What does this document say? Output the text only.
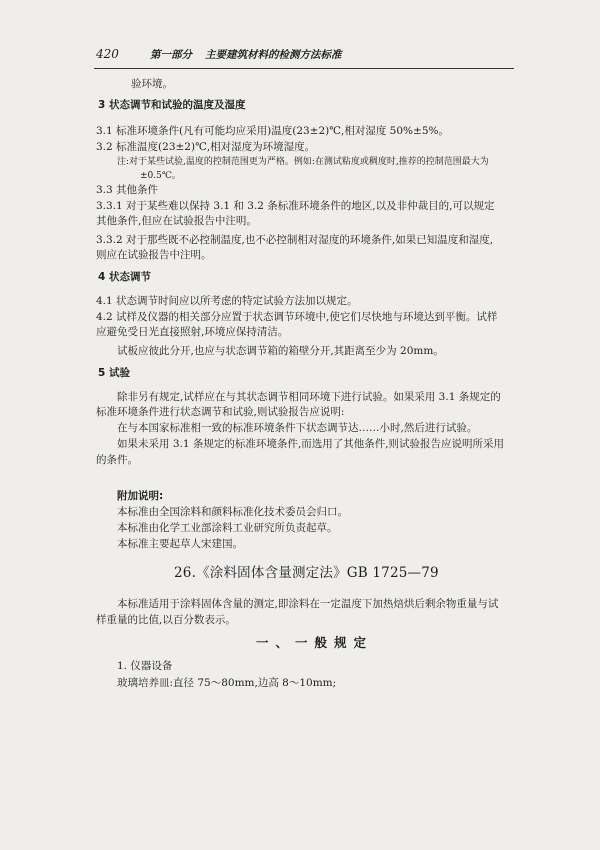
420	第一部分 主要建筑材料的检测方法标准
验环境。
3 状态调节和试验的温度及湿度
3.1 标准环境条件(凡有可能均应采用)温度(23±2)℃,相对湿度 50%±5%。
3.2 标准温度(23±2)℃,相对湿度为环境湿度。
注:对于某些试验,温度的控制范围更为严格。例如:在测试粘度或稠度时,推荐的控制范围最大为
±0.5℃。
3.3 其他条件
3.3.1 对于某些难以保持 3.1 和 3.2 条标准环境条件的地区,以及非仲裁目的,可以规定
其他条件,但应在试验报告中注明。
3.3.2 对于那些既不必控制温度,也不必控制相对湿度的环境条件,如果已知温度和湿度,
则应在试验报告中注明。
4 状态调节
4.1 状态调节时间应以所考虑的特定试验方法加以规定。
4.2 试样及仪器的相关部分应置于状态调节环境中,使它们尽快地与环境达到平衡。试样
应避免受日光直接照射,环境应保持清洁。
试板应彼此分开,也应与状态调节箱的箱壁分开,其距离至少为 20mm。
5 试验
除非另有规定,试样应在与其状态调节相同环境下进行试验。如果采用 3.1 条规定的
标准环境条件进行状态调节和试验,则试验报告应说明:
在与本国家标准相一致的标准环境条件下状态调节达……小时,然后进行试验。
如果未采用 3.1 条规定的标准环境条件,而选用了其他条件,则试验报告应说明所采用
的条件。
附加说明:
本标准由全国涂料和颜料标准化技术委员会归口。
本标准由化学工业部涂料工业研究所负责起草。
本标准主要起草人宋建国。
26.《涂料固体含量测定法》GB 1725—79
本标准适用于涂料固体含量的测定,即涂料在一定温度下加热焙烘后剩余物重量与试
样重量的比值,以百分数表示。
一、一般规定
1. 仪器设备
玻璃培养皿:直径 75～80mm,边高 8～10mm;
